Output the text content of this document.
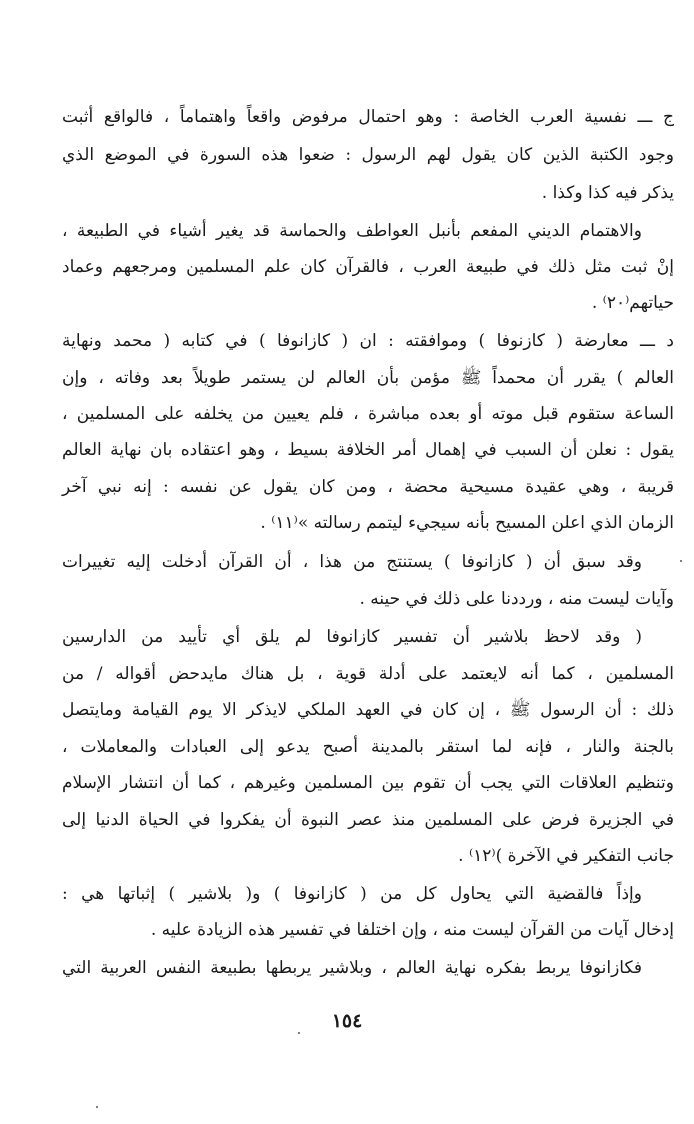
ج ـــ نفسية العرب الخاصة : وهو احتمال مرفوض واقعاً واهتماماً ، فالواقع أثبت
وجود الكتبة الذين كان يقول لهم الرسول : ضعوا هذه السورة في الموضع الذي
يذكر فيه كذا وكذا .
والاهتمام الديني المفعم بأنبل العواطف والحماسة قد يغير أشياء في الطبيعة ،
إنْ ثبت مثل ذلك في طبيعة العرب ، فالقرآن كان علم المسلمين ومرجعهم وعماد
حياتهم⁽٢٠⁾ .
د ـــ معارضة ( كازنوفا ) وموافقته : ان ( كازانوفا ) في كتابه ( محمد ونهاية
العالم ) يقرر أن محمداً ﷺ مؤمن بأن العالم لن يستمر طويلاً بعد وفاته ، وإن
الساعة ستقوم قبل موته أو بعده مباشرة ، فلم يعيين من يخلفه على المسلمين ،
يقول : نعلن أن السبب في إهمال أمر الخلافة بسيط ، وهو اعتقاده بان نهاية العالم
قريبة ، وهي عقيدة مسيحية محضة ، ومن كان يقول عن نفسه : إنه نبي آخر
الزمان الذي اعلن المسيح بأنه سيجيء ليتمم رسالته »⁽١١⁾ .
وقد سبق أن ( كازانوفا ) يستنتج من هذا ، أن القرآن أدخلت إليه تغييرات
وآيات ليست منه ، ورددنا على ذلك في حينه .
( وقد لاحظ بلاشير أن تفسير كازانوفا لم يلق أي تأييد من الدارسين
المسلمين ، كما أنه لايعتمد على أدلة قوية ، بل هناك مايدحض أقواله / من
ذلك : أن الرسول ﷺ ، إن كان في العهد الملكي لايذكر الا يوم القيامة ومايتصل
بالجنة والنار ، فإنه لما استقر بالمدينة أصبح يدعو إلى العبادات والمعاملات ،
وتنظيم العلاقات التي يجب أن تقوم بين المسلمين وغيرهم ، كما أن انتشار الإسلام
في الجزيرة فرض على المسلمين منذ عصر النبوة أن يفكروا في الحياة الدنيا إلى
جانب التفكير في الآخرة )⁽١٢⁾ .
وإذاً فالقضية التي يحاول كل من ( كازانوفا ) و( بلاشير ) إثباتها هي :
إدخال آيات من القرآن ليست منه ، وإن اختلفا في تفسير هذه الزيادة عليه .
فكازانوفا يربط بفكره نهاية العالم ، وبلاشير يربطها بطبيعة النفس العربية التي
١٥٤
